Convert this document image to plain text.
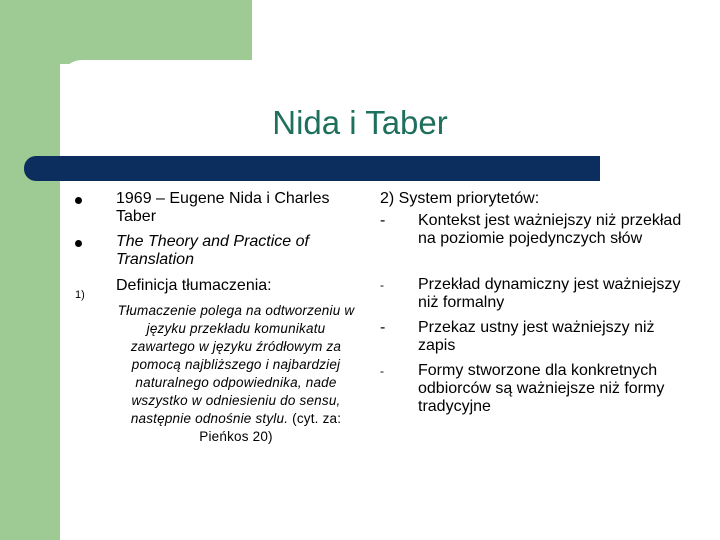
Nida i Taber
1969 – Eugene Nida i Charles Taber
The Theory and Practice of Translation
1)
Definicja tłumaczenia:
Tłumaczenie polega na odtworzeniu w języku przekładu komunikatu zawartego w języku źródłowym za pomocą najbliższego i najbardziej naturalnego odpowiednika, nade wszystko w odniesieniu do sensu, następnie odnośnie stylu. (cyt. za: Pieńkos 20)
2) System priorytetów:
- Kontekst jest ważniejszy niż przekład na poziomie pojedynczych słów
- Przekład dynamiczny jest ważniejszy niż formalny
- Przekaz ustny jest ważniejszy niż zapis
- Formy stworzone dla konkretnych odbiorców są ważniejsze niż formy tradycyjne
